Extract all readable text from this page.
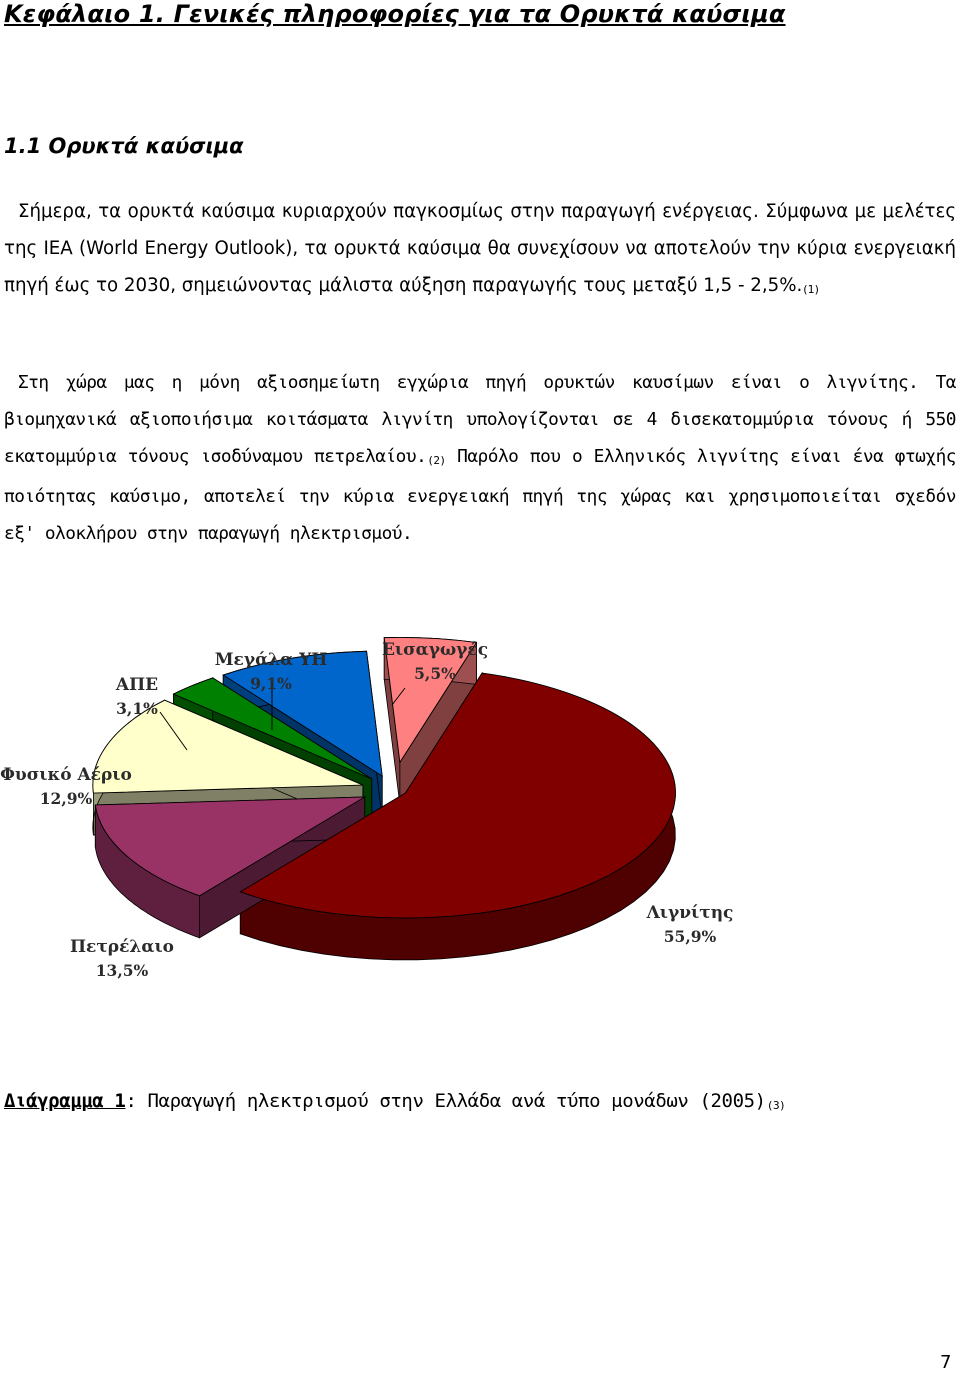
Κεφάλαιο 1. Γενικές πληροφορίες για τα Ορυκτά καύσιμα
1.1 Ορυκτά καύσιμα

Σήμερα, τα ορυκτά καύσιμα κυριαρχούν παγκοσμίως στην παραγωγή ενέργειας. Σύμφωνα με μελέτες της ΙΕΑ (World Energy Outlook), τα ορυκτά καύσιμα θα συνεχίσουν να αποτελούν την κύρια ενεργειακή πηγή έως το 2030, σημειώνοντας μάλιστα αύξηση παραγωγής τους μεταξύ $1,5 - 2,5\%._{(1)}$

Στη χώρα μας η μόνη αξιοσημείωτη εγχώρια πηγή ορυκτών καυσίμων είναι ο λιγνίτης. Τα βιομηχανικά αξιοποιήσιμα κοιτάσματα λιγνίτη υπολογίζονται σε 4 δισεκατομμύρια τόνους ή 550 εκατομμύρια τόνους ισοδύναμου $\pi\varepsilon\tau\rho\varepsilon\lambda\alpha ίo\upsilon._{(2)}$ Παρόλο που ο Ελληνικός λιγνίτης είναι ένα φτωχής ποιότητας καύσιμο, αποτελεί την κύρια ενεργειακή πηγή της χώρας και χρησιμοποιείται σχεδόν εξ' ολοκλήρου στην παραγωγή ηλεκτρισμού.

Λιγνίτης
55,9%
Πετρέλαιο
13,5%
Φυσικό Αέριο
12,9%
ΑΠΕ
3,1%
Μεγάλα ΥΗ
9,1%
Εισαγωγές
5,5%

Διάγραμμα 1: Παραγωγή ηλεκτρισμού στην Ελλάδα ανά τύπο μονάδων $(2005)_{(3)}$

7
